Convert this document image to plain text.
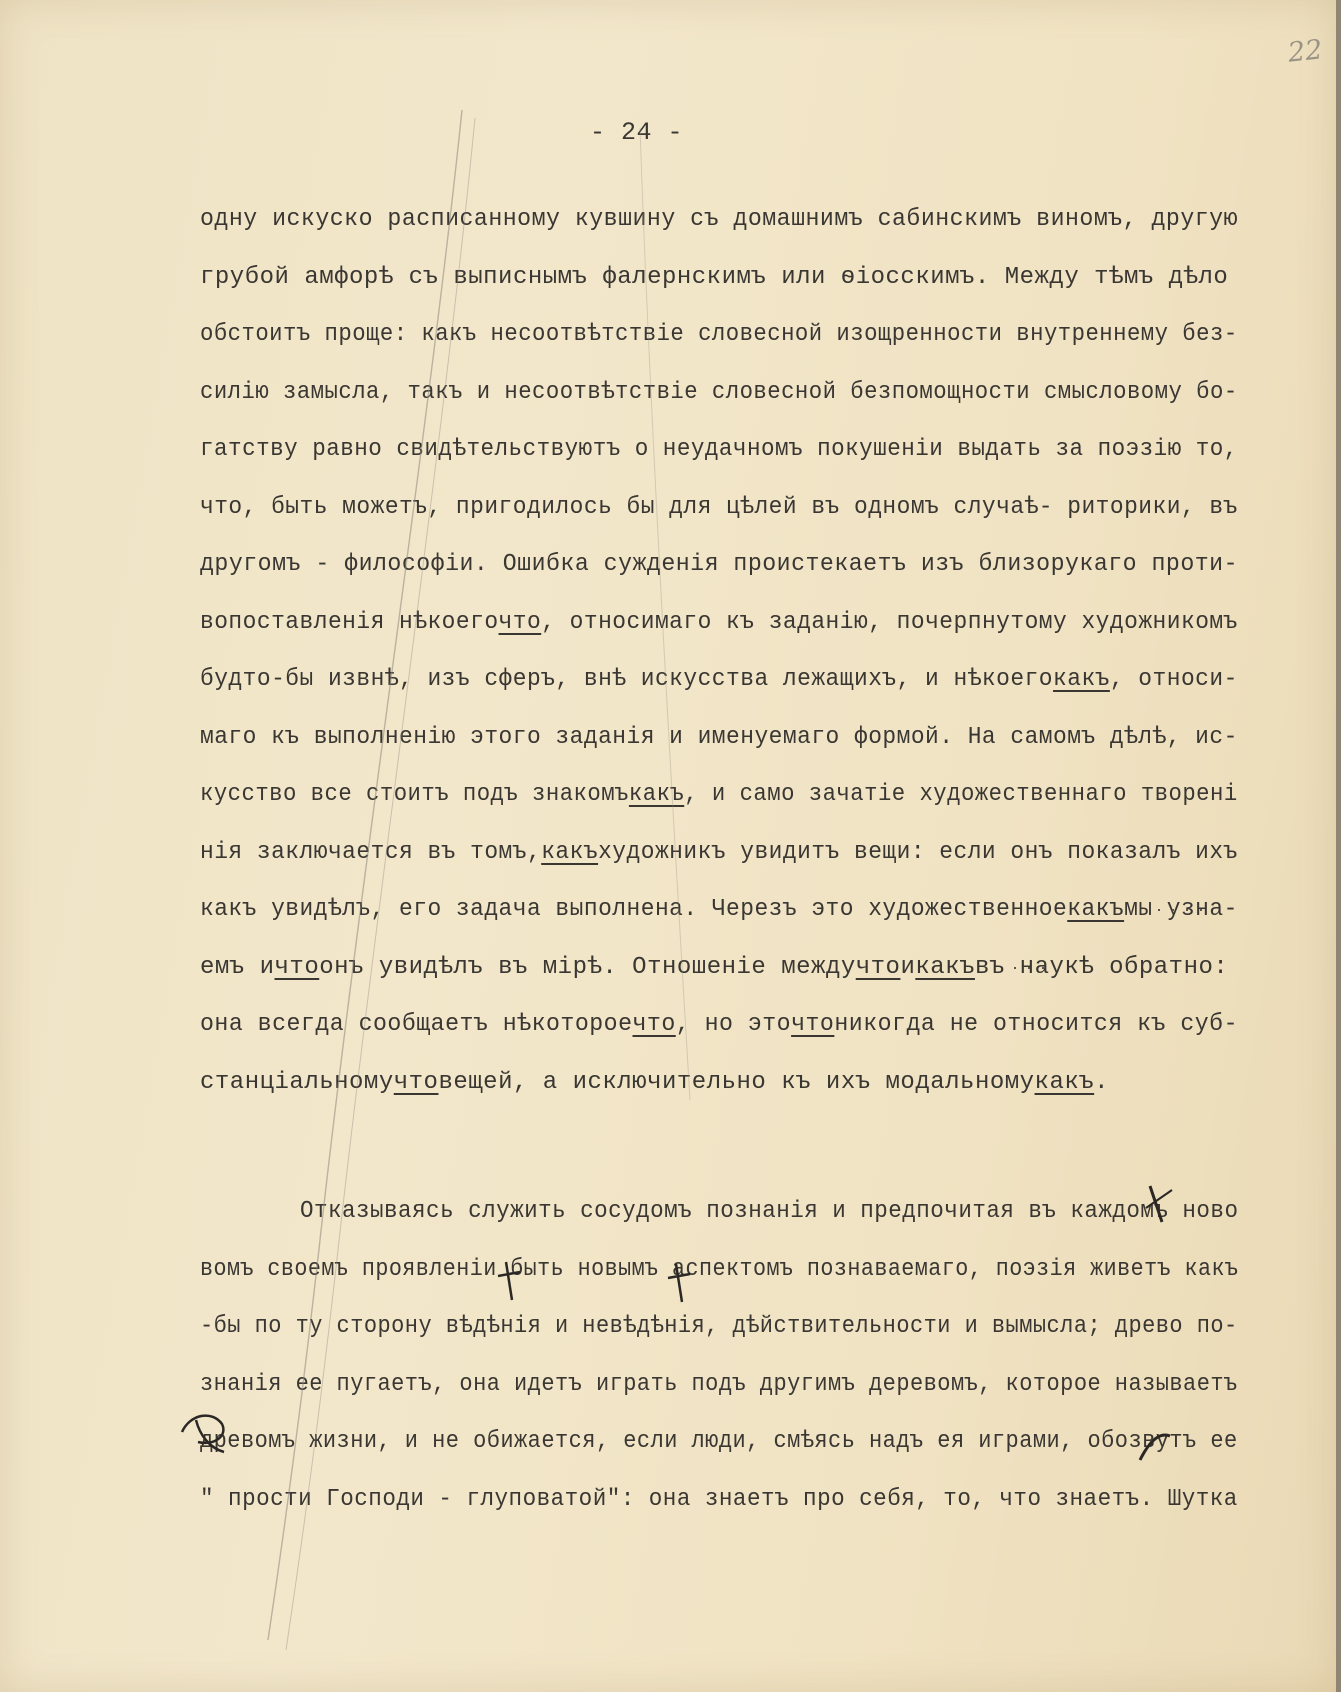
22
- 24 -
одну искуско расписанному кувшину съ домашнимъ сабинскимъ виномъ, другую
грубой амфорѣ съ выписнымъ фалернскимъ или ѳіосскимъ. Между тѣмъ дѣло
обстоитъ проще: какъ несоотвѣтствіе словесной изощренности внутреннему без-
силію замысла, такъ и несоотвѣтствіе словесной безпомощности смысловому бо-
гатству равно свидѣтельствуютъ о неудачномъ покушеніи выдать за поэзію то,
что, быть можетъ, пригодилось бы для цѣлей въ одномъ случаѣ- риторики, въ
другомъ - философіи. Ошибка сужденія проистекаетъ изъ близорукаго проти-
вопоставленія нѣкоегочто, относимаго къ заданію, почерпнутому художникомъ
будто-бы извнѣ, изъ сферъ, внѣ искусства лежащихъ, и нѣкоегокакъ, относи-
маго къ выполненію этого заданія и именуемаго формой. На самомъ дѣлѣ, ис-
кусство все стоитъ подъ знакомъкакъ, и само зачатіе художественнаго творені
нія заключается въ томъ,какъхудожникъ увидитъ вещи: если онъ показалъ ихъ
какъ увидѣлъ, его задача выполнена. Черезъ это художественноекакъмы узна-
емъ ичтоонъ увидѣлъ въ мірѣ. Отношеніе междучтоикакъвъ наукѣ обратно:
она всегда сообщаетъ нѣкотороечто, но эточтоникогда не относится къ суб-
станціальномучтовещей, а исключительно къ ихъ модальномукакъ.
Отказываясь служить сосудомъ познанія и предпочитая въ каждомъ ново
вомъ своемъ проявленіи быть новымъ аспектомъ познаваемаго, поэзія живетъ какъ
-бы по ту сторону вѣдѣнія и невѣдѣнія, дѣйствительности и вымысла; древо по-
знанія ее пугаетъ, она идетъ играть подъ другимъ деревомъ, которое называетъ
древомъ жизни, и не обижается, если люди, смѣясь надъ ея играми, обозвутъ ее
" прости Господи - глуповатой": она знаетъ про себя, то, что знаетъ. Шутка
